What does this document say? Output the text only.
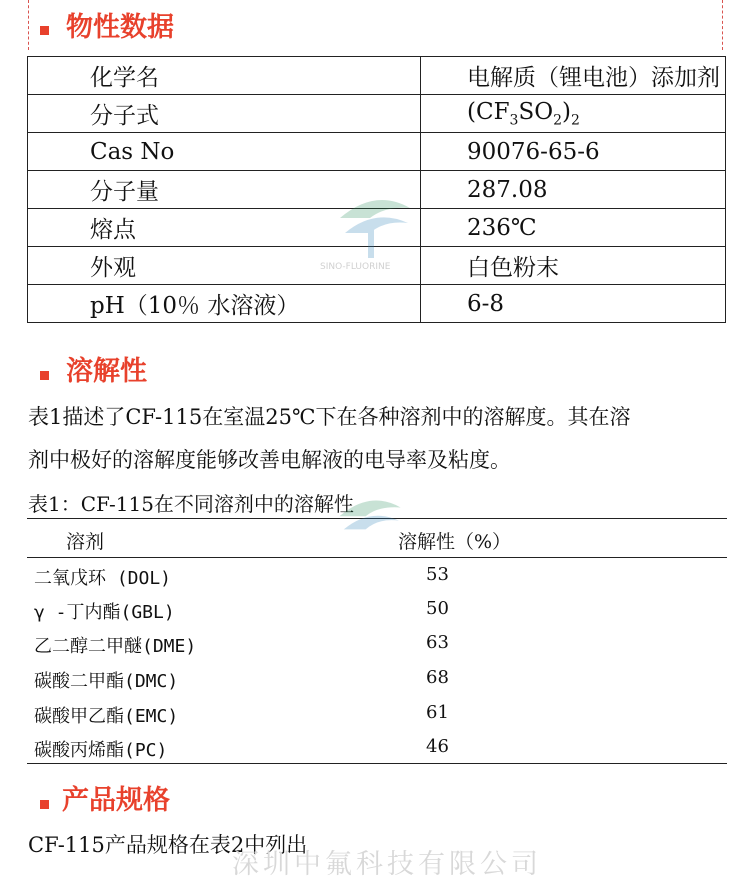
物性数据
化学名	电解质（锂电池）添加剂
分子式	$(CF_3SO_2)_2$
Cas No	90076-65-6
分子量	287.08
熔点	236℃
外观	白色粉末
pH（10％ 水溶液）	6-8
SINO-FLUORINE
溶解性
表1描述了CF-115在室温25℃下在各种溶剂中的溶解度。其在溶
剂中极好的溶解度能够改善电解液的电导率及粘度。
表1：CF-115在不同溶剂中的溶解性
溶剂	溶解性（%）
二氧戊环 (DOL)	53
γ -丁内酯(GBL)	50
乙二醇二甲醚(DME)	63
碳酸二甲酯(DMC)	68
碳酸甲乙酯(EMC)	61
碳酸丙烯酯(PC)	46
产品规格
CF-115产品规格在表2中列出
深圳中氟科技有限公司
